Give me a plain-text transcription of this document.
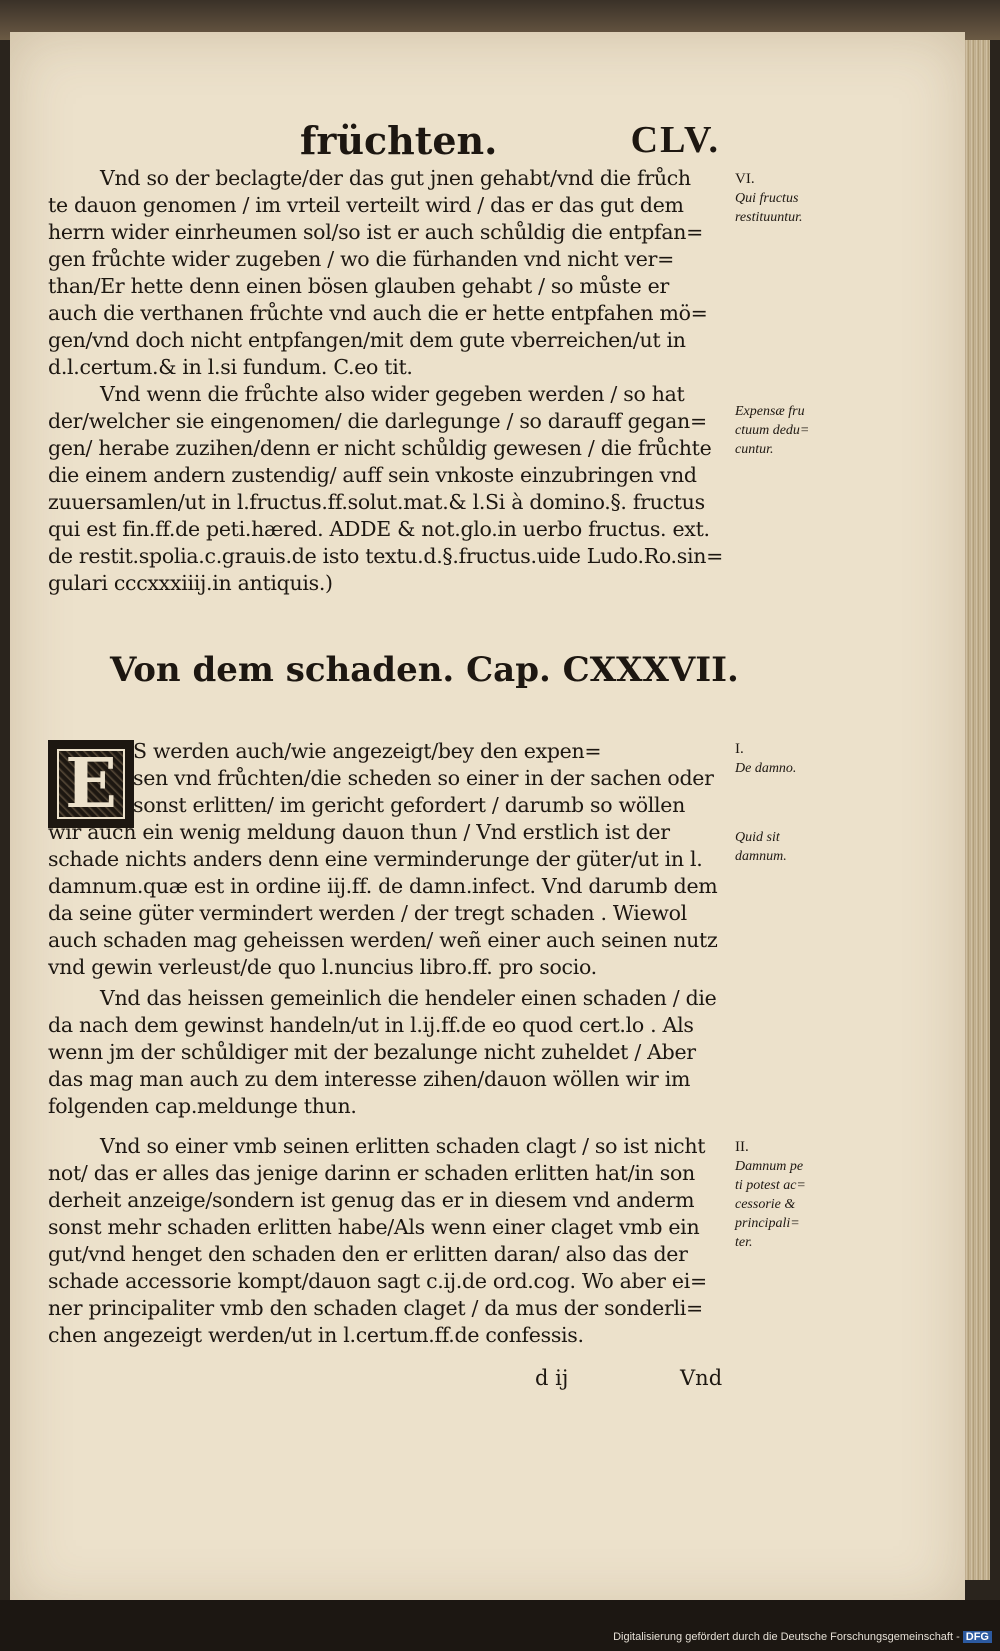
früchten.	CLV.
Vnd so der beclagte/der das gut jnen gehabt/vnd die frůch
te dauon genomen / im vrteil verteilt wird / das er das gut dem
herrn wider einrheumen sol/so ist er auch schůldig die entpfan=
gen frůchte wider zugeben / wo die fürhanden vnd nicht ver=
than/Er hette denn einen bösen glauben gehabt / so můste er
auch die verthanen frůchte vnd auch die er hette entpfahen mö=
gen/vnd doch nicht entpfangen/mit dem gute vberreichen/ut in
d.l.certum.& in l.si fundum. C.eo tit.
Vnd wenn die frůchte also wider gegeben werden / so hat
der/welcher sie eingenomen/ die darlegunge / so darauff gegan=
gen/ herabe zuzihen/denn er nicht schůldig gewesen / die frůchte
die einem andern zustendig/ auff sein vnkoste einzubringen vnd
zuuersamlen/ut in l.fructus.ff.solut.mat.& l.Si à domino.§. fructus
qui est fin.ff.de peti.hæred. ADDE & not.glo.in uerbo fructus. ext.
de restit.spolia.c.grauis.de isto textu.d.§.fructus.uide Ludo.Ro.sin=
gulari cccxxxiiij.in antiquis.)
Von dem schaden. Cap. CXXXVII.
E S werden auch/wie angezeigt/bey den expen=
sen vnd frůchten/die scheden so einer in der sachen oder
sonst erlitten/ im gericht gefordert / darumb so wöllen
wir auch ein wenig meldung dauon thun / Vnd erstlich ist der
schade nichts anders denn eine verminderunge der güter/ut in l.
damnum.quæ est in ordine iij.ff. de damn.infect. Vnd darumb dem
da seine güter vermindert werden / der tregt schaden . Wiewol
auch schaden mag geheissen werden/ weñ einer auch seinen nutz
vnd gewin verleust/de quo l.nuncius libro.ff. pro socio.
Vnd das heissen gemeinlich die hendeler einen schaden / die
da nach dem gewinst handeln/ut in l.ij.ff.de eo quod cert.lo . Als
wenn jm der schůldiger mit der bezalunge nicht zuheldet / Aber
das mag man auch zu dem interesse zihen/dauon wöllen wir im
folgenden cap.meldunge thun.
Vnd so einer vmb seinen erlitten schaden clagt / so ist nicht
not/ das er alles das jenige darinn er schaden erlitten hat/in son
derheit anzeige/sondern ist genug das er in diesem vnd anderm
sonst mehr schaden erlitten habe/Als wenn einer claget vmb ein
gut/vnd henget den schaden den er erlitten daran/ also das der
schade accessorie kompt/dauon sagt c.ij.de ord.cog. Wo aber ei=
ner principaliter vmb den schaden claget / da mus der sonderli=
chen angezeigt werden/ut in l.certum.ff.de confessis.
d ij	Vnd
VI.
Qui fructus
restituuntur.
Expensæ fru
ctuum dedu=
cuntur.
I.
De damno.
Quid sit
damnum.
II.
Damnum pe
ti potest ac=
cessorie &
principali=
ter.
Digitalisierung gefördert durch die Deutsche Forschungsgemeinschaft - DFG
